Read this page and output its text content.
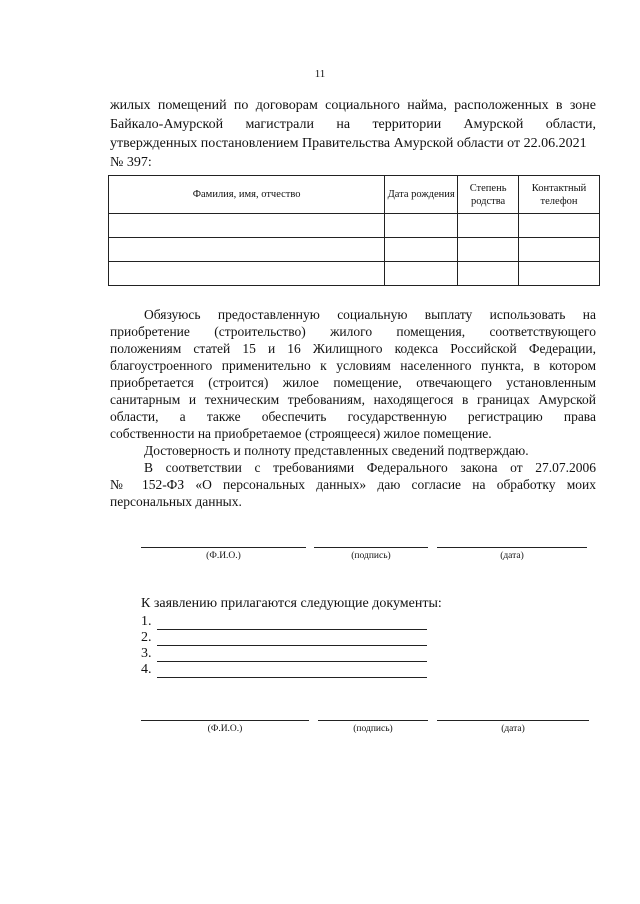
11

жилых помещений по договорам социального найма, расположенных в зоне

Байкало-Амурской магистрали на территории Амурской области,

утвержденных постановлением Правительства Амурской области от 22.06.2021

№ 397:

Фамилия, имя, отчество	Дата рождения	Степень родства	Контактный телефон

Обязуюсь предоставленную социальную выплату использовать на

приобретение (строительство) жилого помещения, соответствующего

положениям статей 15 и 16 Жилищного кодекса Российской Федерации,

благоустроенного применительно к условиям населенного пункта, в котором

приобретается (строится) жилое помещение, отвечающего установленным

санитарным и техническим требованиям, находящегося в границах Амурской

области, а также обеспечить государственную регистрацию права

собственности на приобретаемое (строящееся) жилое помещение.

Достоверность и полноту представленных сведений подтверждаю.

В соответствии с требованиями Федерального закона от 27.07.2006

№ 152-ФЗ «О персональных данных» даю согласие на обработку моих

персональных данных.

(Ф.И.О.)	(подпись)	(дата)

К заявлению прилагаются следующие документы:

1.
2.
3.
4.
(Ф.И.О.)	(подпись)	(дата)
